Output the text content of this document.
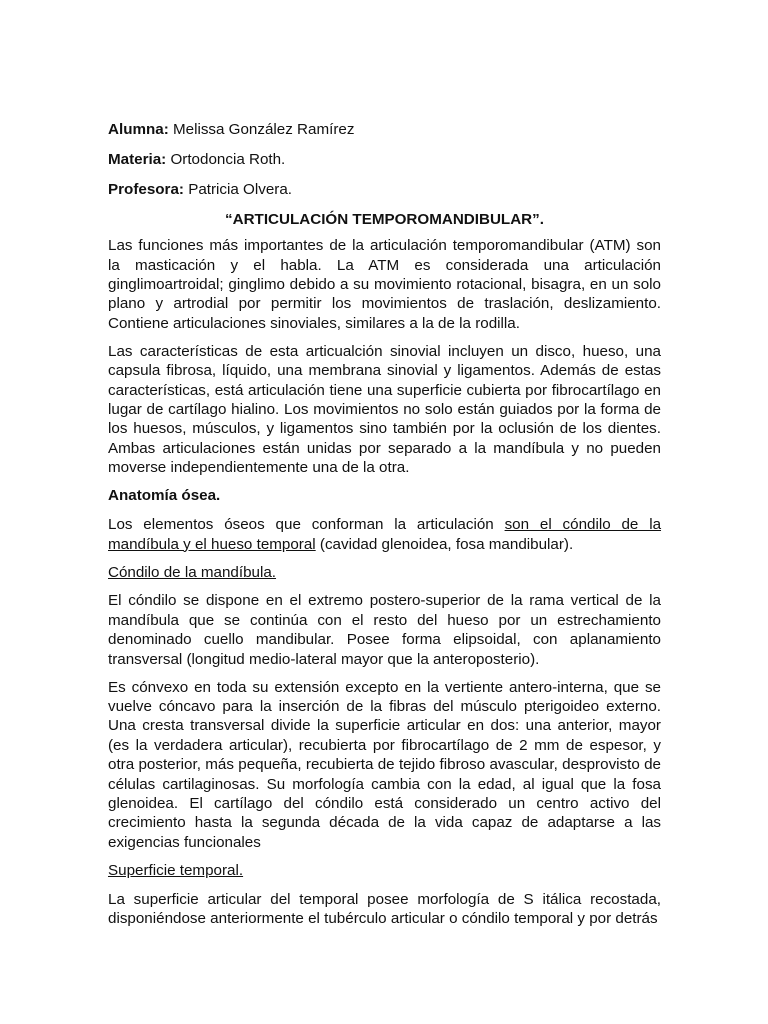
Alumna: Melissa González Ramírez

Materia: Ortodoncia Roth.

Profesora: Patricia Olvera.

“ARTICULACIÓN TEMPOROMANDIBULAR”.

Las funciones más importantes de la articulación temporomandibular (ATM) son la masticación y el habla. La ATM es considerada una articulación ginglimoartroidal; ginglimo debido a su movimiento rotacional, bisagra, en un solo plano y artrodial por permitir los movimientos de traslación, deslizamiento. Contiene articulaciones sinoviales, similares a la de la rodilla.

Las características de esta articualción sinovial incluyen un disco, hueso, una capsula fibrosa, líquido, una membrana sinovial y ligamentos. Además de estas características, está articulación tiene una superficie cubierta por fibrocartílago en lugar de cartílago hialino. Los movimientos no solo están guiados por la forma de los huesos, músculos, y ligamentos sino también por la oclusión de los dientes. Ambas articulaciones están unidas por separado a la mandíbula y no pueden moverse independientemente una de la otra.

Anatomía ósea.

Los elementos óseos que conforman la articulación son el cóndilo de la mandíbula y el hueso temporal (cavidad glenoidea, fosa mandibular).

Cóndilo de la mandíbula.

El cóndilo se dispone en el extremo postero-superior de la rama vertical de la mandíbula que se continúa con el resto del hueso por un estrechamiento denominado cuello mandibular. Posee forma elipsoidal, con aplanamiento transversal (longitud medio-lateral mayor que la anteroposterio).

Es cónvexo en toda su extensión excepto en la vertiente antero-interna, que se vuelve cóncavo para la inserción de la fibras del músculo pterigoideo externo. Una cresta transversal divide la superficie articular en dos: una anterior, mayor (es la verdadera articular), recubierta por fibrocartílago de 2 mm de espesor, y otra posterior, más pequeña, recubierta de tejido fibroso avascular, desprovisto de células cartilaginosas. Su morfología cambia con la edad, al igual que la fosa glenoidea. El cartílago del cóndilo está considerado un centro activo del crecimiento hasta la segunda década de la vida capaz de adaptarse a las exigencias funcionales

Superficie temporal.

La superficie articular del temporal posee morfología de S itálica recostada, disponiéndose anteriormente el tubérculo articular o cóndilo temporal y por detrás
